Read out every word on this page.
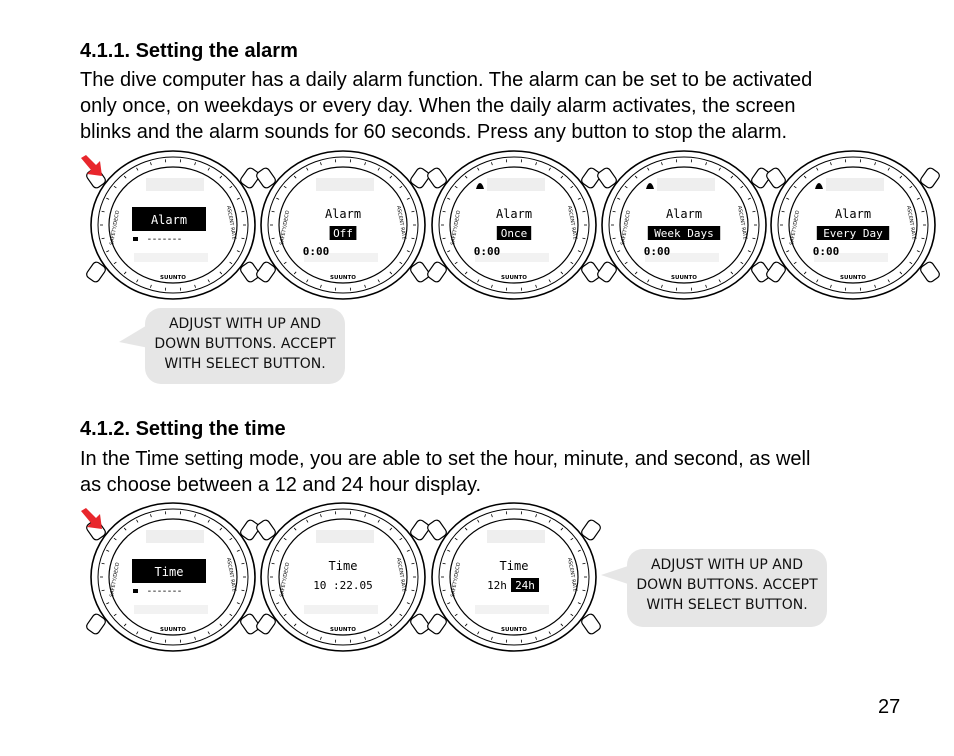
4.1.1. Setting the alarm
The dive computer has a daily alarm function. The alarm can be set to be activated
only once, on weekdays or every day. When the daily alarm activates, the screen
blinks and the alarm sounds for 60 seconds. Press any button to stop the alarm.
SAFETY/DECO	ASCENT RATE
SUUNTO
Alarm
-------	SAFETY/DECO	ASCENT RATE
SUUNTO
Alarm
Off
0:00
SAFETY/DECO	ASCENT RATE
SUUNTO
Alarm
Once
0:00
SAFETY/DECO	ASCENT RATE
SUUNTO
Alarm
Week Days
0:00
SAFETY/DECO	ASCENT RATE
SUUNTO
Alarm
Every Day
0:00
ADJUST WITH UP AND DOWN BUTTONS. ACCEPT WITH SELECT BUTTON.
4.1.2. Setting the time
In the Time setting mode, you are able to set the hour, minute, and second, as well
as choose between a 12 and 24 hour display.
SAFETY/DECO	ASCENT RATE
SUUNTO
Time
-------	SAFETY/DECO	ASCENT RATE
SUUNTO
Time
10 :22.05	SAFETY/DECO	ASCENT RATE
SUUNTO
Time
12h 24h
ADJUST WITH UP AND DOWN BUTTONS. ACCEPT WITH SELECT BUTTON.
27
